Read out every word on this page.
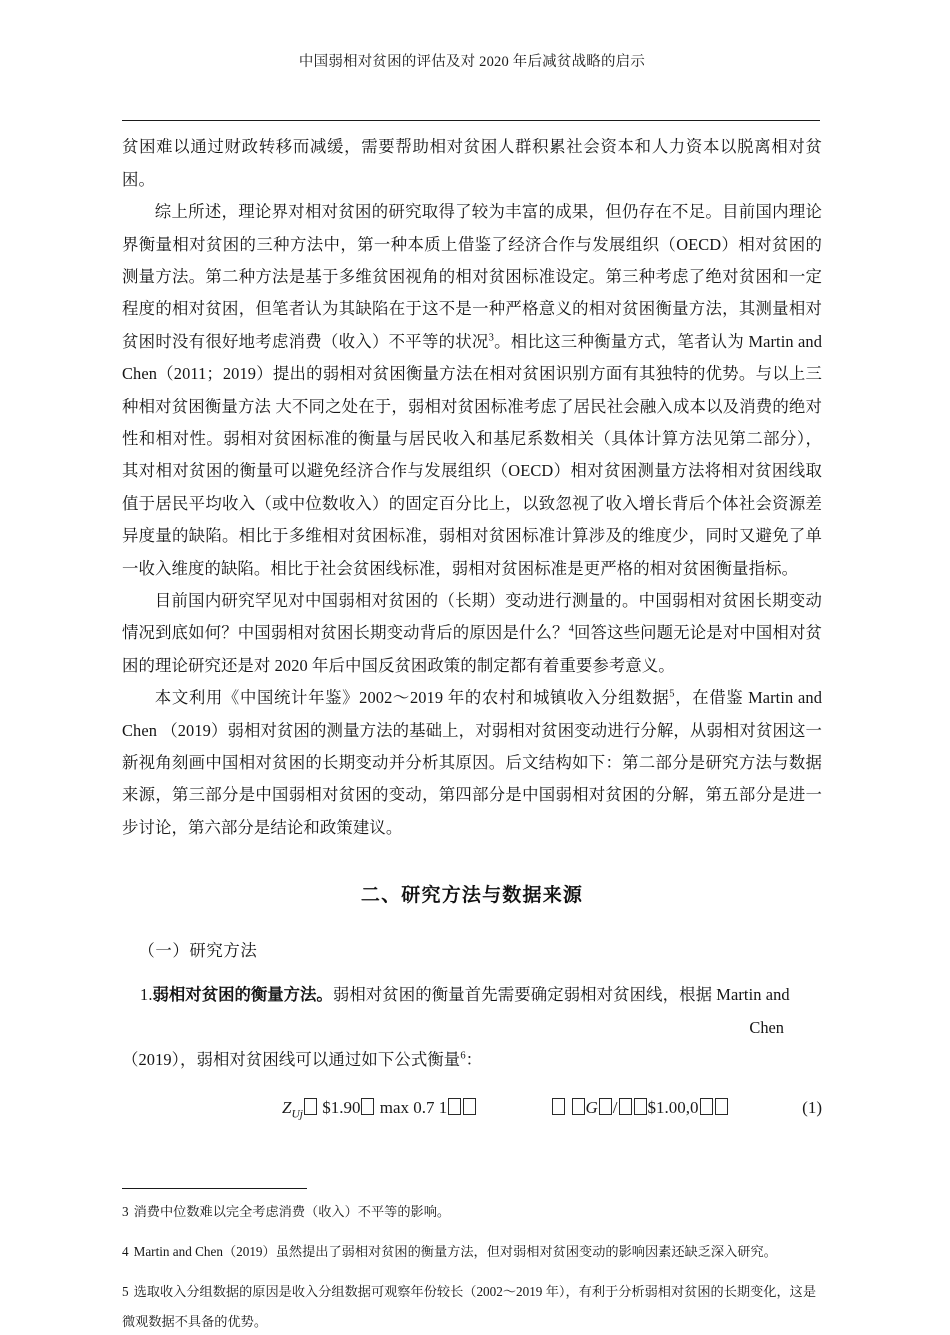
中国弱相对贫困的评估及对 2020 年后减贫战略的启示

贫困难以通过财政转移而减缓，需要帮助相对贫困人群积累社会资本和人力资本以脱离相对贫困。

综上所述，理论界对相对贫困的研究取得了较为丰富的成果，但仍存在不足。目前国内理论界衡量相对贫困的三种方法中，第一种本质上借鉴了经济合作与发展组织（OECD）相对贫困的测量方法。第二种方法是基于多维贫困视角的相对贫困标准设定。第三种考虑了绝对贫困和一定程度的相对贫困，但笔者认为其缺陷在于这不是一种严格意义的相对贫困衡量方法，其测量相对贫困时没有很好地考虑消费（收入）不平等的状况$^3$。相比这三种衡量方式，笔者认为 Martin and Chen（2011；2019）提出的弱相对贫困衡量方法在相对贫困识别方面有其独特的优势。与以上三种相对贫困衡量方法 大不同之处在于，弱相对贫困标准考虑了居民社会融入成本以及消费的绝对性和相对性。弱相对贫困标准的衡量与居民收入和基尼系数相关（具体计算方法见第二部分），其对相对贫困的衡量可以避免经济合作与发展组织（OECD）相对贫困测量方法将相对贫困线取值于居民平均收入（或中位数收入）的固定百分比上，以致忽视了收入增长背后个体社会资源差异度量的缺陷。相比于多维相对贫困标准，弱相对贫困标准计算涉及的维度少，同时又避免了单一收入维度的缺陷。相比于社会贫困线标准，弱相对贫困标准是更严格的相对贫困衡量指标。

目前国内研究罕见对中国弱相对贫困的（长期）变动进行测量的。中国弱相对贫困长期变动情况到底如何？中国弱相对贫困长期变动背后的原因是什么？$^4$回答这些问题无论是对中国相对贫困的理论研究还是对 2020 年后中国反贫困政策的制定都有着重要参考意义。

本文利用《中国统计年鉴》2002～2019 年的农村和城镇收入分组数据$^5$，在借鉴 Martin and Chen （2019）弱相对贫困的测量方法的基础上，对弱相对贫困变动进行分解，从弱相对贫困这一新视角刻画中国相对贫困的长期变动并分析其原因。后文结构如下：第二部分是研究方法与数据来源，第三部分是中国弱相对贫困的变动，第四部分是中国弱相对贫困的分解，第五部分是进一步讨论，第六部分是结论和政策建议。

二、研究方法与数据来源
（一）研究方法

1.弱相对贫困的衡量方法。弱相对贫困的衡量首先需要确定弱相对贫困线，根据 Martin and

Chen

（2019），弱相对贫困线可以通过如下公式衡量$^6$：

$Z_{Uj}$ $1.90 max 0.7 1	G / $1.00,0	(1)

3 消费中位数难以完全考虑消费（收入）不平等的影响。

4 Martin and Chen（2019）虽然提出了弱相对贫困的衡量方法，但对弱相对贫困变动的影响因素还缺乏深入研究。

5 选取收入分组数据的原因是收入分组数据可观察年份较长（2002～2019 年），有利于分析弱相对贫困的长期变化，这是

微观数据不具备的优势。
